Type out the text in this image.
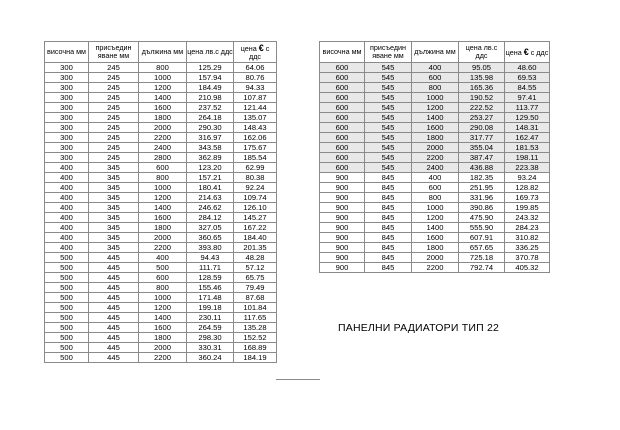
височна мм	присъедин яване мм	дължина мм	цена лв.с ддс	цена € с ддс
300	245	800	125.29	64.06
300	245	1000	157.94	80.76
300	245	1200	184.49	94.33
300	245	1400	210.98	107.87
300	245	1600	237.52	121.44
300	245	1800	264.18	135.07
300	245	2000	290.30	148.43
300	245	2200	316.97	162.06
300	245	2400	343.58	175.67
300	245	2800	362.89	185.54
400	345	600	123.20	62.99
400	345	800	157.21	80.38
400	345	1000	180.41	92.24
400	345	1200	214.63	109.74
400	345	1400	246.62	126.10
400	345	1600	284.12	145.27
400	345	1800	327.05	167.22
400	345	2000	360.65	184.40
400	345	2200	393.80	201.35
500	445	400	94.43	48.28
500	445	500	111.71	57.12
500	445	600	128.59	65.75
500	445	800	155.46	79.49
500	445	1000	171.48	87.68
500	445	1200	199.18	101.84
500	445	1400	230.11	117.65
500	445	1600	264.59	135.28
500	445	1800	298.30	152.52
500	445	2000	330.31	168.89
500	445	2200	360.24	184.19
височна мм	присъедин яване мм	дължина мм	цена лв.с ддс	цена € с ддс
600	545	400	95.05	48.60
600	545	600	135.98	69.53
600	545	800	165.36	84.55
600	545	1000	190.52	97.41
600	545	1200	222.52	113.77
600	545	1400	253.27	129.50
600	545	1600	290.08	148.31
600	545	1800	317.77	162.47
600	545	2000	355.04	181.53
600	545	2200	387.47	198.11
600	545	2400	436.88	223.38
900	845	400	182.35	93.24
900	845	600	251.95	128.82
900	845	800	331.96	169.73
900	845	1000	390.86	199.85
900	845	1200	475.90	243.32
900	845	1400	555.90	284.23
900	845	1600	607.91	310.82
900	845	1800	657.65	336.25
900	845	2000	725.18	370.78
900	845	2200	792.74	405.32
ПАНЕЛНИ РАДИАТОРИ ТИП 22
